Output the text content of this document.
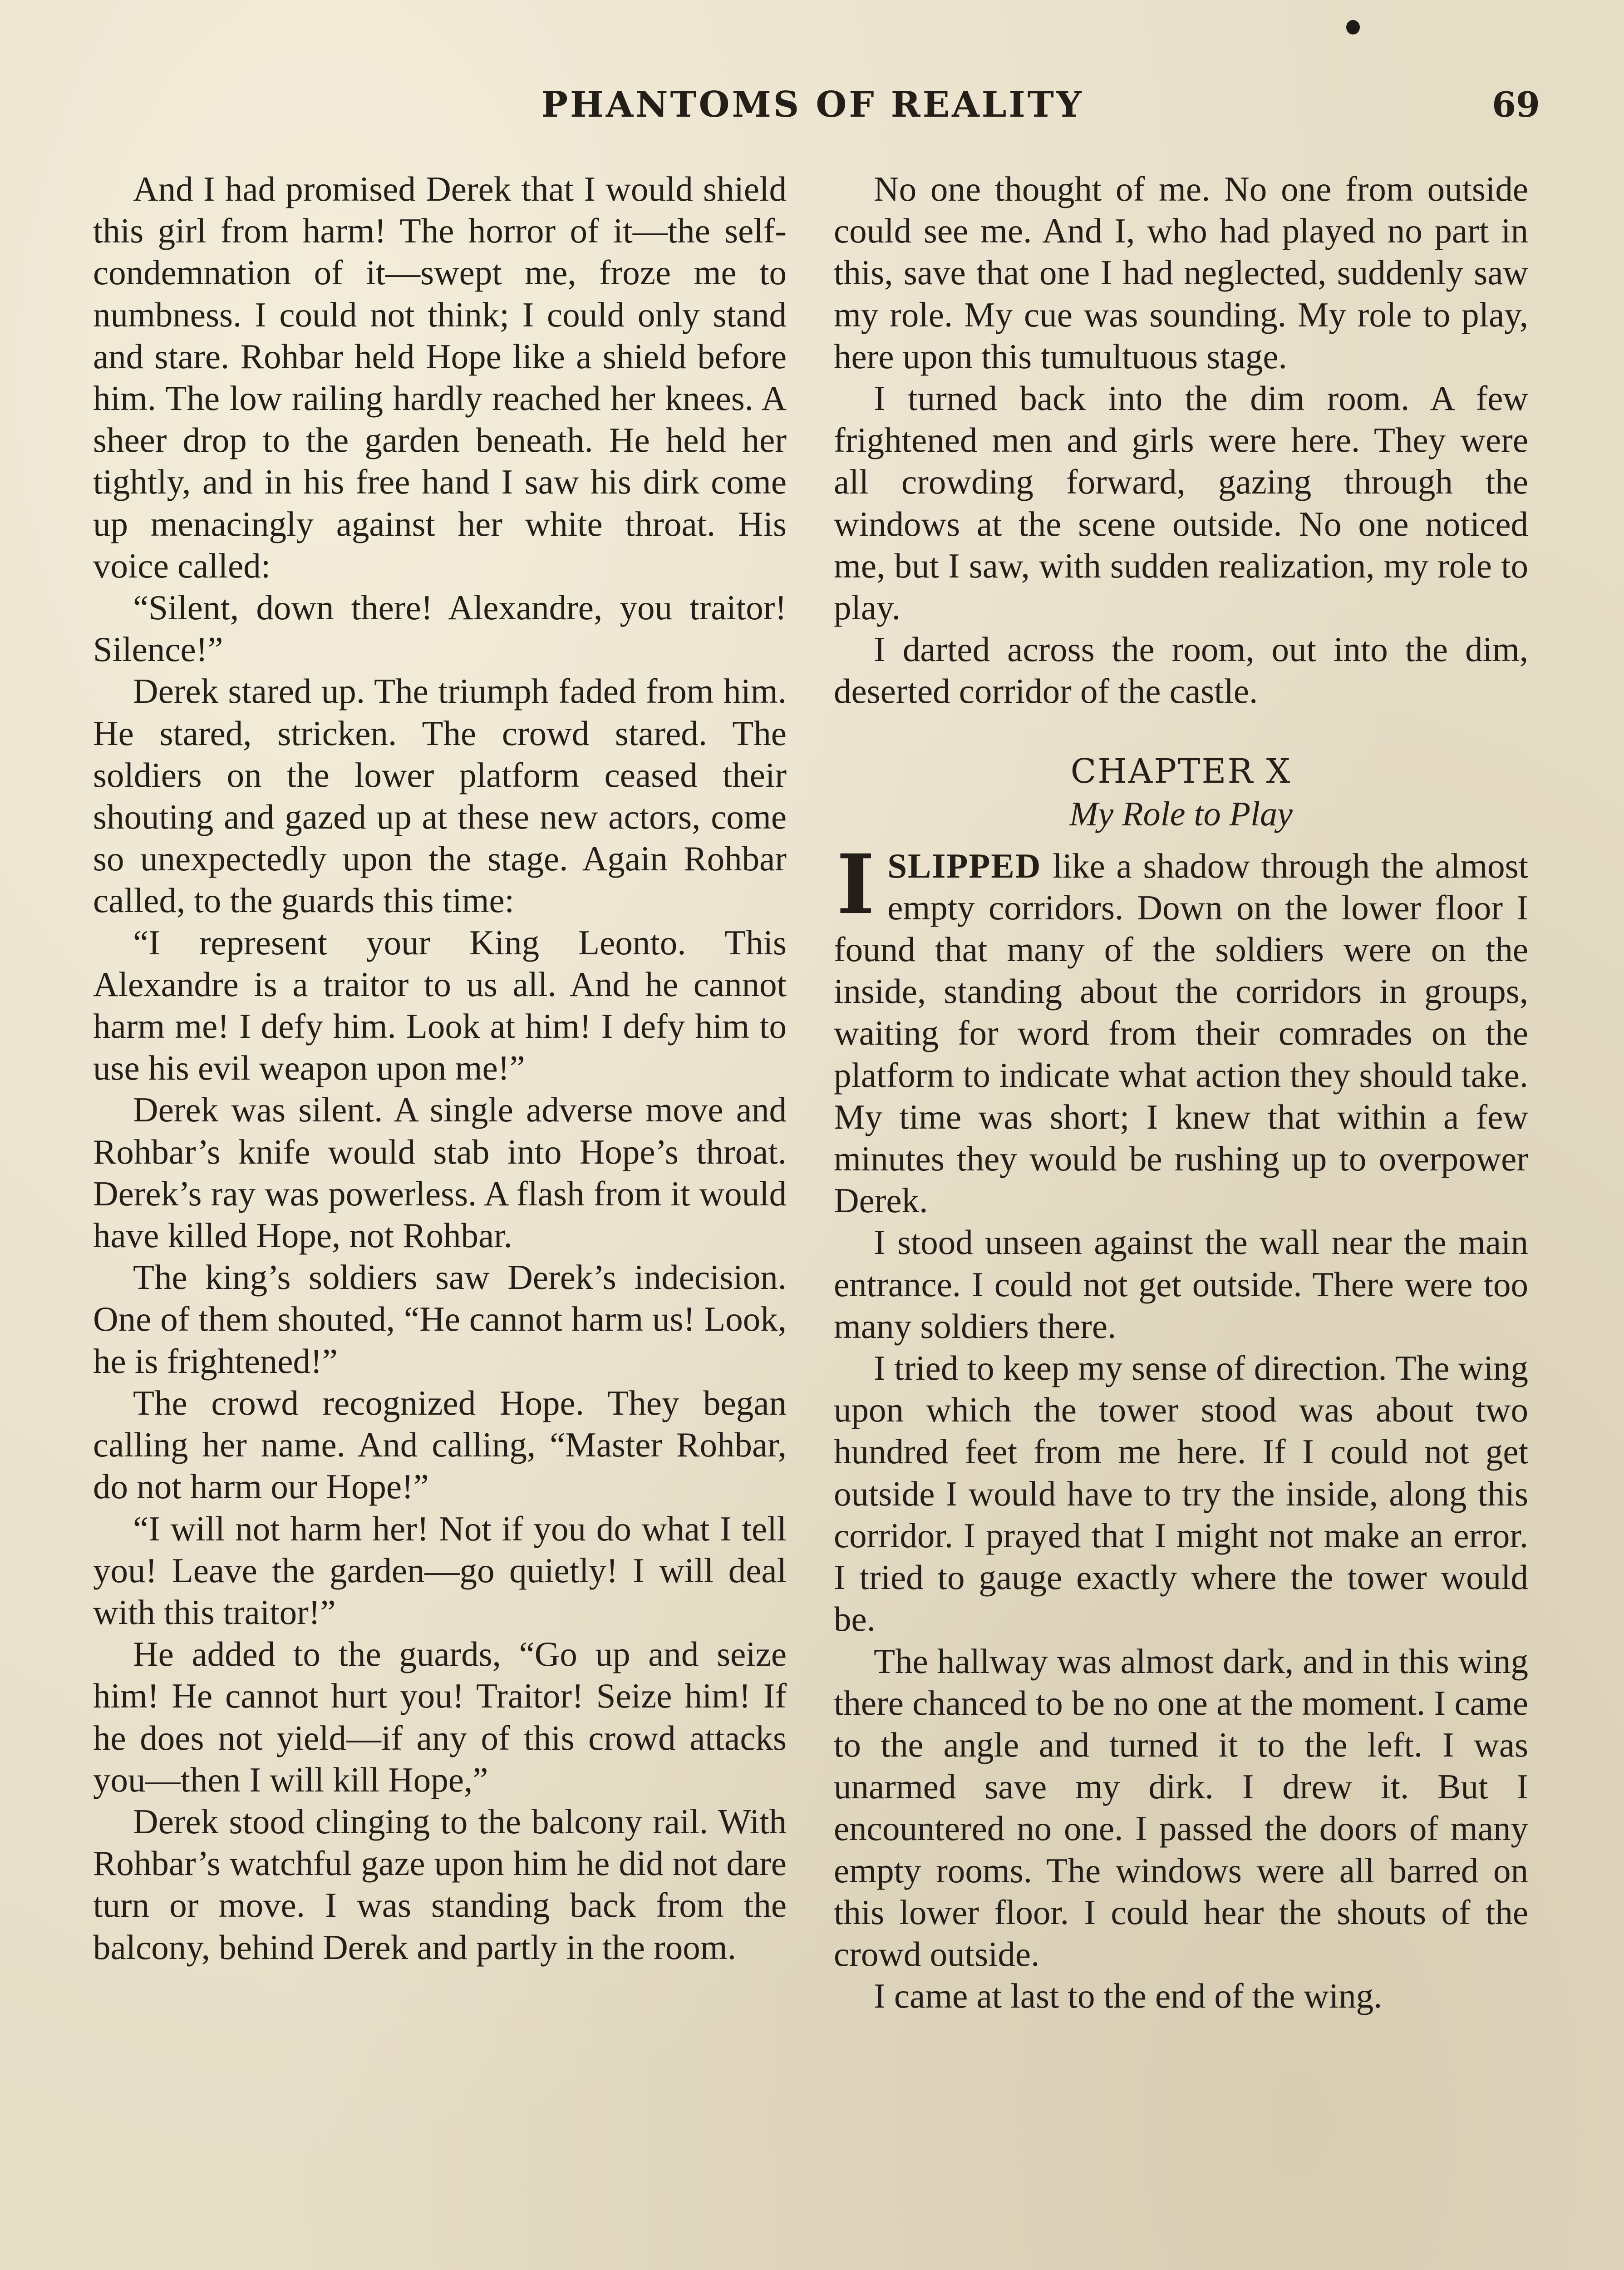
PHANTOMS OF REALITY	69

And I had promised Derek that I would shield this girl from harm! The horror of it—the self-condemnation of it—swept me, froze me to numbness. I could not think; I could only stand and stare. Rohbar held Hope like a shield before him. The low railing hardly reached her knees. A sheer drop to the garden beneath. He held her tightly, and in his free hand I saw his dirk come up menacingly against her white throat. His voice called:

“Silent, down there! Alexandre, you traitor! Silence!”

Derek stared up. The triumph faded from him. He stared, stricken. The crowd stared. The soldiers on the lower platform ceased their shouting and gazed up at these new actors, come so unexpectedly upon the stage. Again Rohbar called, to the guards this time:

“I represent your King Leonto. This Alexandre is a traitor to us all. And he cannot harm me! I defy him. Look at him! I defy him to use his evil weapon upon me!”

Derek was silent. A single adverse move and Rohbar’s knife would stab into Hope’s throat. Derek’s ray was powerless. A flash from it would have killed Hope, not Rohbar.

The king’s soldiers saw Derek’s indecision. One of them shouted, “He cannot harm us! Look, he is frightened!”

The crowd recognized Hope. They began calling her name. And calling, “Master Rohbar, do not harm our Hope!”

“I will not harm her! Not if you do what I tell you! Leave the garden—go quietly! I will deal with this traitor!”

He added to the guards, “Go up and seize him! He cannot hurt you! Traitor! Seize him! If he does not yield—if any of this crowd attacks you—then I will kill Hope,”

Derek stood clinging to the balcony rail. With Rohbar’s watchful gaze upon him he did not dare turn or move. I was standing back from the balcony, behind Derek and partly in the room.

No one thought of me. No one from outside could see me. And I, who had played no part in this, save that one I had neglected, suddenly saw my role. My cue was sounding. My role to play, here upon this tumultuous stage.

I turned back into the dim room. A few frightened men and girls were here. They were all crowding forward, gazing through the windows at the scene outside. No one noticed me, but I saw, with sudden realization, my role to play.

I darted across the room, out into the dim, deserted corridor of the castle.

CHAPTER X
My Role to Play

ISLIPPED like a shadow through the almost empty corridors. Down on the lower floor I found that many of the soldiers were on the inside, standing about the corridors in groups, waiting for word from their comrades on the platform to indicate what action they should take. My time was short; I knew that within a few minutes they would be rushing up to overpower Derek.

I stood unseen against the wall near the main entrance. I could not get outside. There were too many soldiers there.

I tried to keep my sense of direction. The wing upon which the tower stood was about two hundred feet from me here. If I could not get outside I would have to try the inside, along this corridor. I prayed that I might not make an error. I tried to gauge exactly where the tower would be.

The hallway was almost dark, and in this wing there chanced to be no one at the moment. I came to the angle and turned it to the left. I was unarmed save my dirk. I drew it. But I encountered no one. I passed the doors of many empty rooms. The windows were all barred on this lower floor. I could hear the shouts of the crowd outside.

I came at last to the end of the wing.
